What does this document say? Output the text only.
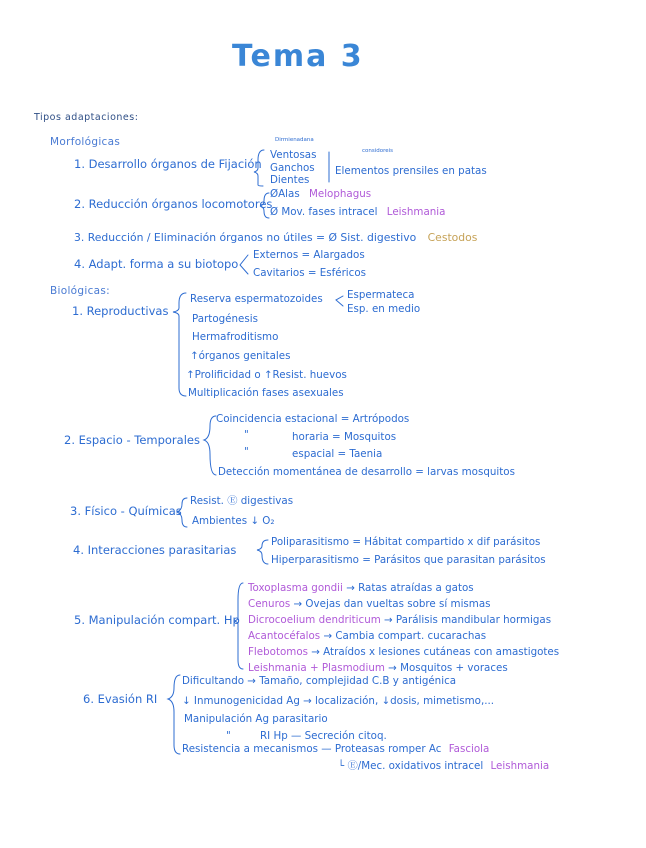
Tema 3
Tipos adaptaciones:
Morfológicas
1. Desarrollo órganos de Fijación
Dirmienadana
considoreis
Ventosas
Ganchos
Dientes
Elementos prensiles en patas
2. Reducción órganos locomotores
ØAlas Melophagus
Ø Mov. fases intracel Leishmania
3. Reducción / Eliminación órganos no útiles = Ø Sist. digestivo Cestodos
4. Adapt. forma a su biotopo
Externos = Alargados
Cavitarios = Esféricos
Biológicas:
1. Reproductivas
Reserva espermatozoides Espermateca
Esp. en medio
Partogénesis
Hermafroditismo
↑órganos genitales
↑Prolificidad o ↑Resist. huevos
Multiplicación fases asexuales
2. Espacio - Temporales
Coincidencia estacional = Artrópodos
"	horaria = Mosquitos
"	espacial = Taenia
Detección momentánea de desarrollo = larvas mosquitos
3. Físico - Químicas
Resist. Ⓔ digestivas
Ambientes ↓ O₂
4. Interacciones parasitarias
Poliparasitismo = Hábitat compartido x dif parásitos
Hiperparasitismo = Parásitos que parasitan parásitos
5. Manipulación compart. Hp
Toxoplasma gondii → Ratas atraídas a gatos
Cenuros → Ovejas dan vueltas sobre sí mismas
Dicrocoelium dendriticum → Parálisis mandibular hormigas
Acantocéfalos → Cambia compart. cucarachas
Flebotomos → Atraídos x lesiones cutáneas con amastigotes
Leishmania + Plasmodium → Mosquitos + voraces
6. Evasión RI
Dificultando → Tamaño, complejidad C.B y antigénica
↓ Inmunogenicidad Ag → localización, ↓dosis, mimetismo,...
Manipulación Ag parasitario
"	RI Hp — Secreción citoq.
Resistencia a mecanismos — Proteasas romper Ac Fasciola
└ Ⓔ/Mec. oxidativos intracel Leishmania
